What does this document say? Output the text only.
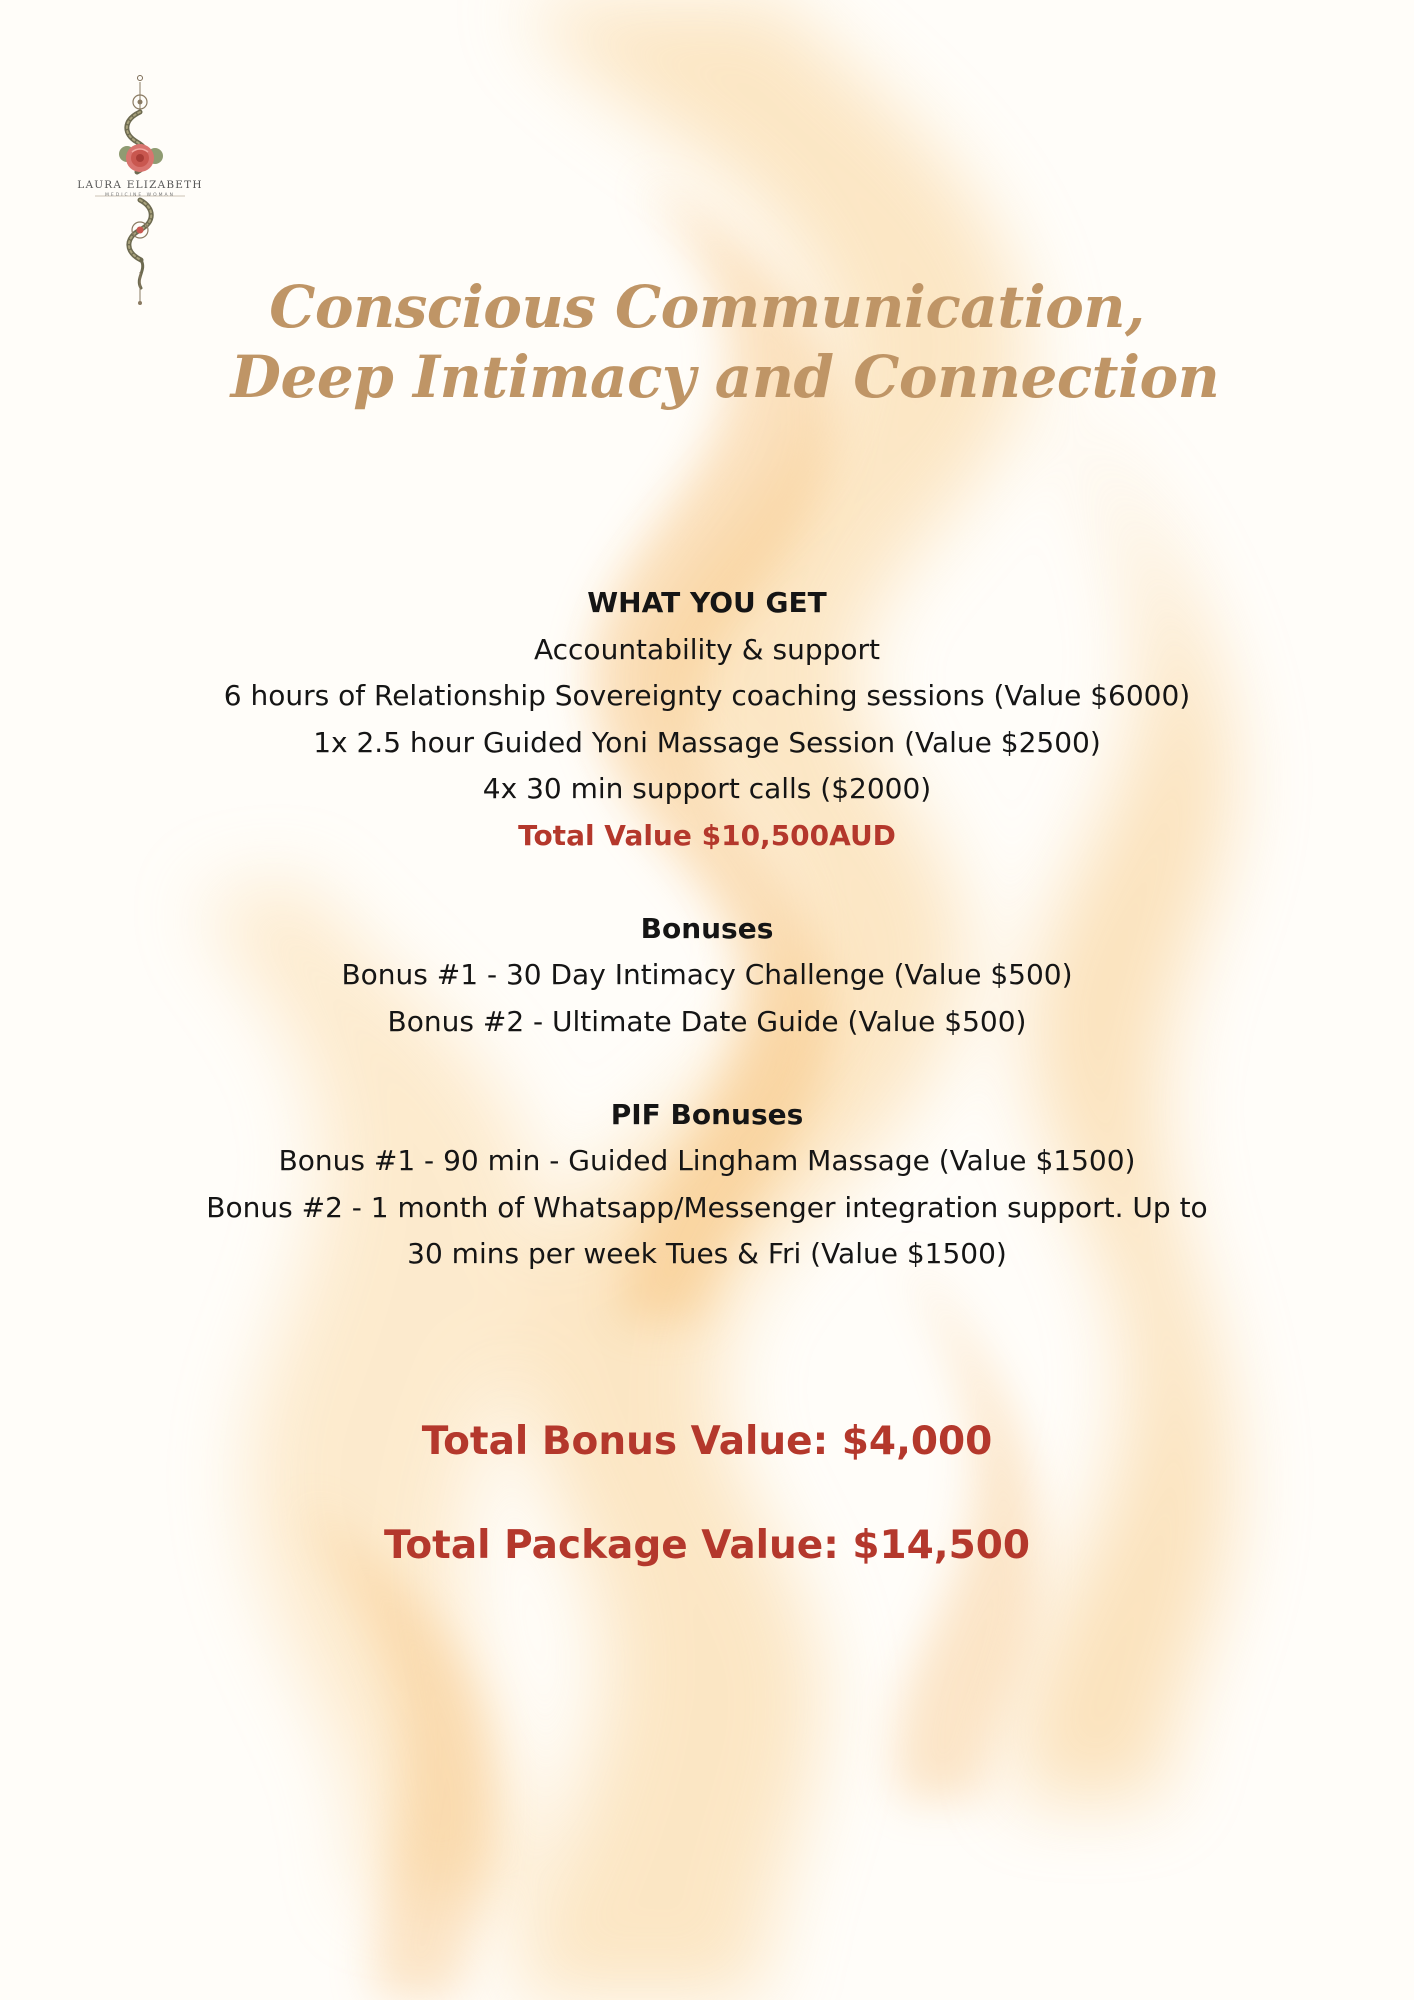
LAURA ELIZABETH
MEDICINE WOMAN
Conscious Communication,
Deep Intimacy and Connection

WHAT YOU GET

Accountability & support

6 hours of Relationship Sovereignty coaching sessions (Value $6000)

1x 2.5 hour Guided Yoni Massage Session (Value $2500)

4x 30 min support calls ($2000)

Total Value $10,500AUD

Bonuses

Bonus #1 - 30 Day Intimacy Challenge (Value $500)

Bonus #2 - Ultimate Date Guide (Value $500)

PIF Bonuses

Bonus #1 - 90 min - Guided Lingham Massage (Value $1500)

Bonus #2 - 1 month of Whatsapp/Messenger integration support. Up to

30 mins per week Tues & Fri (Value $1500)

Total Bonus Value: $4,000

Total Package Value: $14,500
